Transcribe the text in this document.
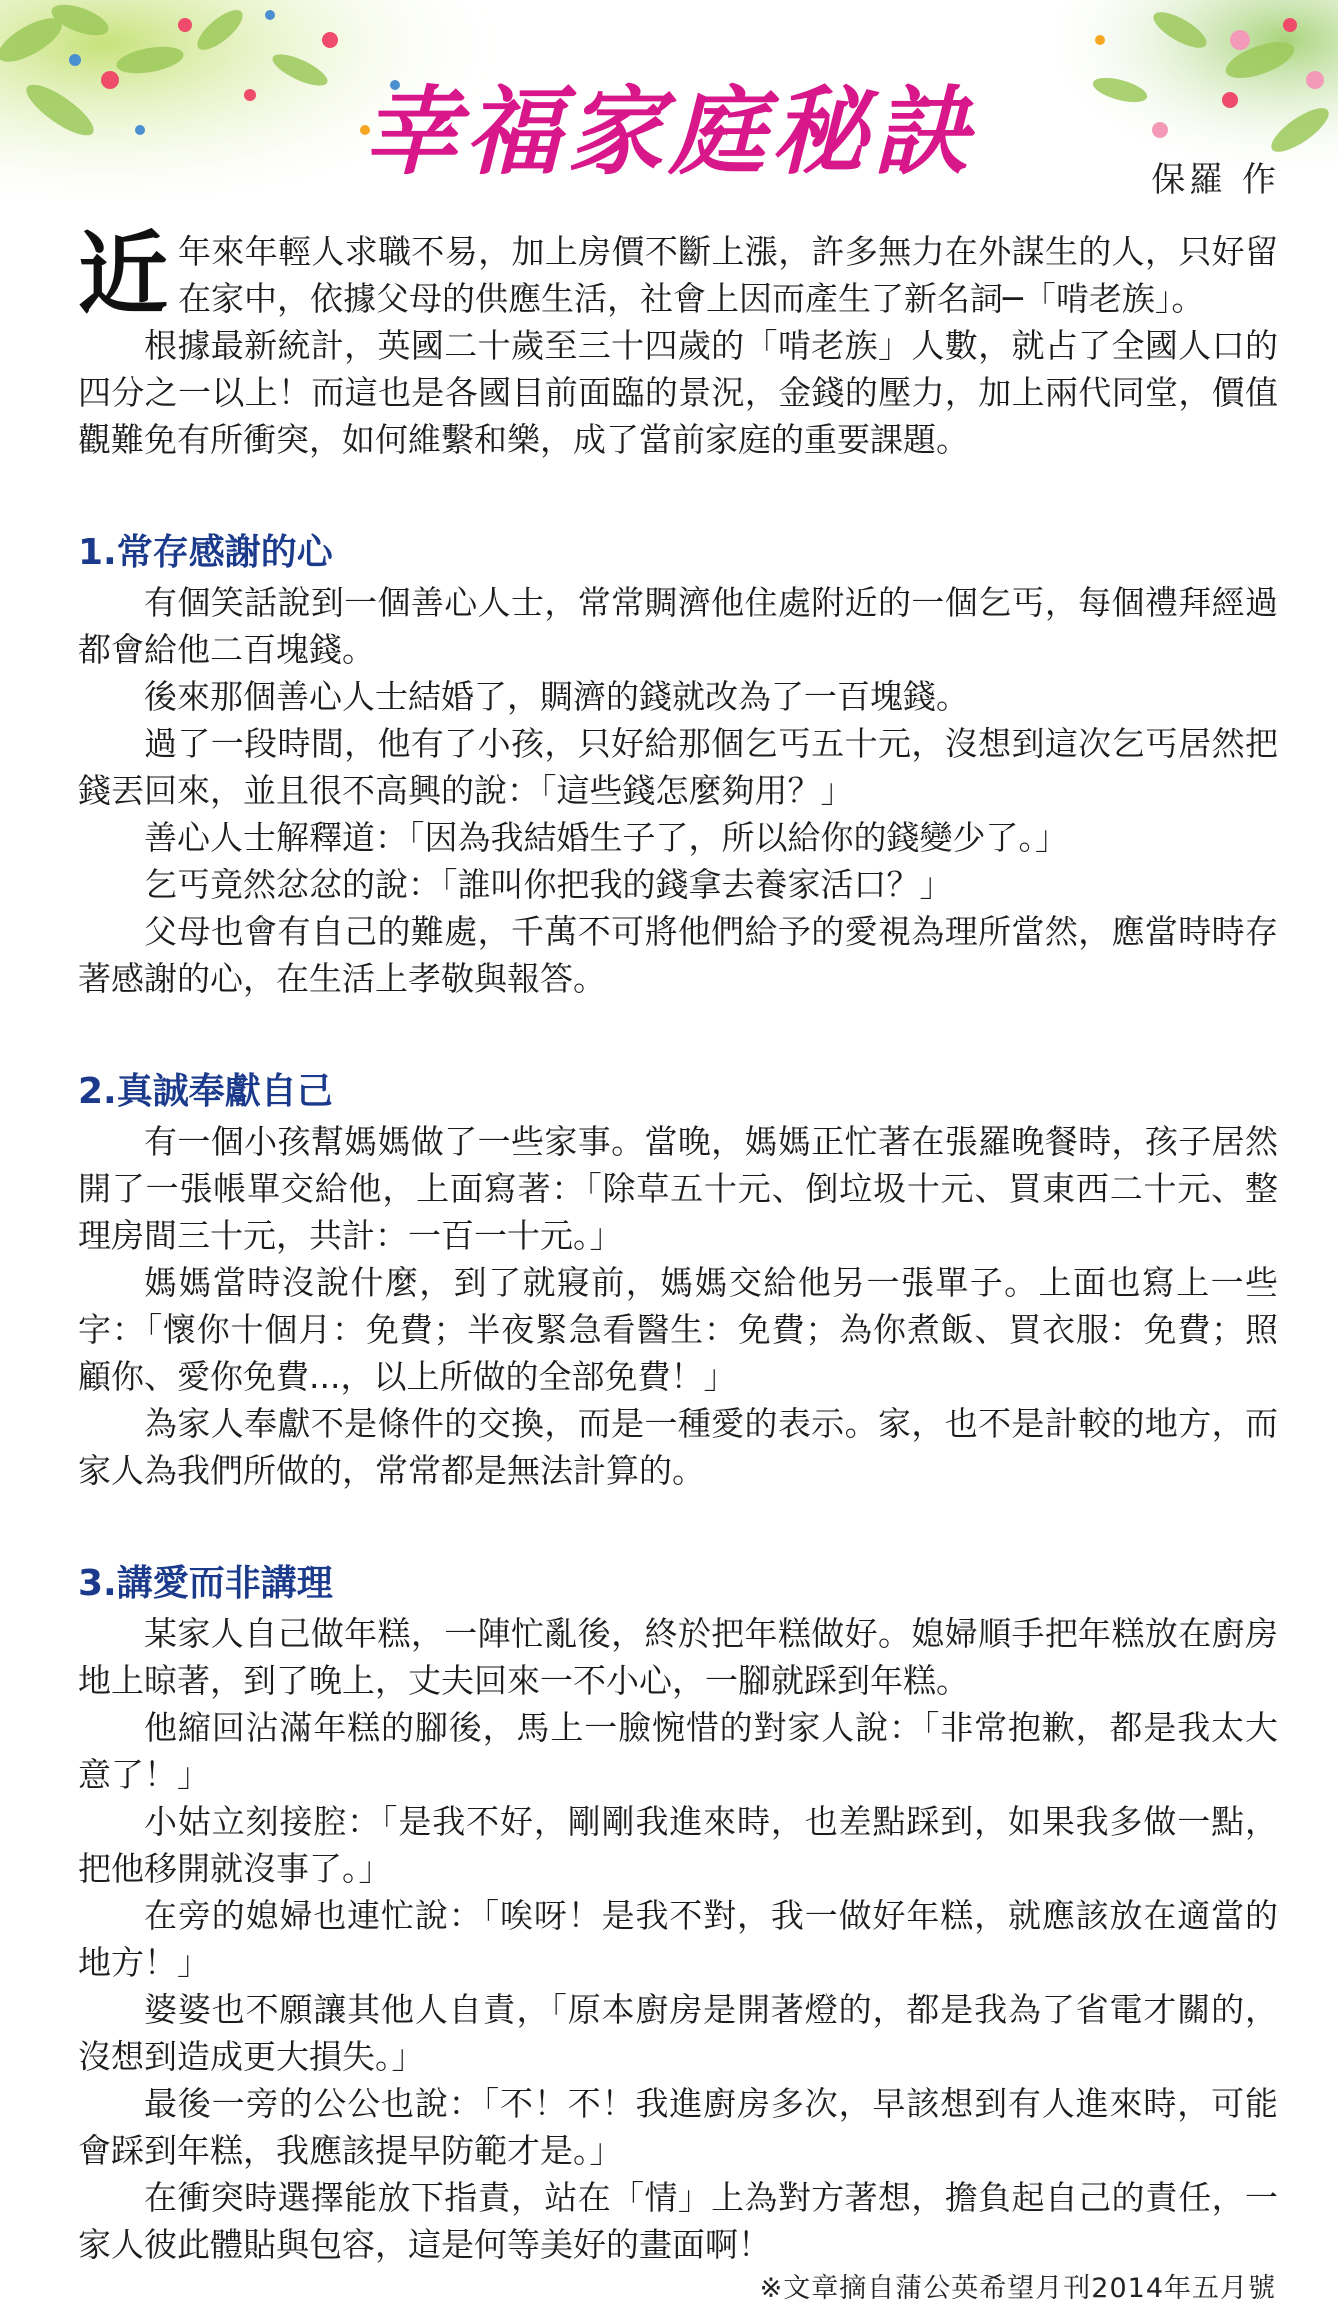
幸福家庭秘訣	保羅 作

近年來年輕人求職不易，加上房價不斷上漲，許多無力在外謀生的人，只好留在家中，依據父母的供應生活，社會上因而產生了新名詞─「啃老族」。

根據最新統計，英國二十歲至三十四歲的「啃老族」人數，就占了全國人口的四分之一以上！而這也是各國目前面臨的景況，金錢的壓力，加上兩代同堂，價值觀難免有所衝突，如何維繫和樂，成了當前家庭的重要課題。

1.常存感謝的心

有個笑話說到一個善心人士，常常賙濟他住處附近的一個乞丐，每個禮拜經過都會給他二百塊錢。

後來那個善心人士結婚了，賙濟的錢就改為了一百塊錢。

過了一段時間，他有了小孩，只好給那個乞丐五十元，沒想到這次乞丐居然把錢丟回來，並且很不高興的說：「這些錢怎麼夠用？」

善心人士解釋道：「因為我結婚生子了，所以給你的錢變少了。」

乞丐竟然忿忿的說：「誰叫你把我的錢拿去養家活口？」

父母也會有自己的難處，千萬不可將他們給予的愛視為理所當然，應當時時存著感謝的心，在生活上孝敬與報答。

2.真誠奉獻自己

有一個小孩幫媽媽做了一些家事。當晚，媽媽正忙著在張羅晚餐時，孩子居然開了一張帳單交給他，上面寫著：「除草五十元、倒垃圾十元、買東西二十元、整理房間三十元，共計：一百一十元。」

媽媽當時沒說什麼，到了就寢前，媽媽交給他另一張單子。上面也寫上一些字：「懷你十個月：免費；半夜緊急看醫生：免費；為你煮飯、買衣服：免費；照顧你、愛你免費...，以上所做的全部免費！」

為家人奉獻不是條件的交換，而是一種愛的表示。家，也不是計較的地方，而家人為我們所做的，常常都是無法計算的。

3.講愛而非講理

某家人自己做年糕，一陣忙亂後，終於把年糕做好。媳婦順手把年糕放在廚房地上晾著，到了晚上，丈夫回來一不小心，一腳就踩到年糕。

他縮回沾滿年糕的腳後，馬上一臉惋惜的對家人說：「非常抱歉，都是我太大意了！」

小姑立刻接腔：「是我不好，剛剛我進來時，也差點踩到，如果我多做一點，把他移開就沒事了。」

在旁的媳婦也連忙說：「唉呀！是我不對，我一做好年糕，就應該放在適當的地方！」

婆婆也不願讓其他人自責，「原本廚房是開著燈的，都是我為了省電才關的，沒想到造成更大損失。」

最後一旁的公公也說：「不！不！我進廚房多次，早該想到有人進來時，可能會踩到年糕，我應該提早防範才是。」

在衝突時選擇能放下指責，站在「情」上為對方著想，擔負起自己的責任，一家人彼此體貼與包容，這是何等美好的畫面啊！

※文章摘自蒲公英希望月刊2014年五月號
